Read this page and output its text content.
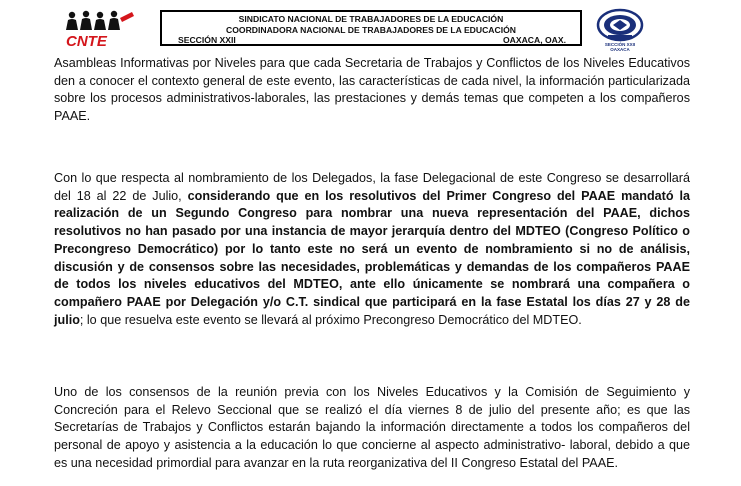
CNTE
SINDICATO NACIONAL DE TRABAJADORES DE LA EDUCACIÓN
COORDINADORA NACIONAL DE TRABAJADORES DE LA EDUCACIÓN
SECCIÓN XXII	OAXACA, OAX.	SECCIÓN XXII OAXACA

Asambleas Informativas por Niveles para que cada Secretaria de Trabajos y Conflictos de los Niveles Educativos den a conocer el contexto general de este evento, las características de cada nivel, la información particularizada sobre los procesos administrativos-laborales, las prestaciones y demás temas que competen a los compañeros PAAE.

Con lo que respecta al nombramiento de los Delegados, la fase Delegacional de este Congreso se desarrollará del 18 al 22 de Julio, considerando que en los resolutivos del Primer Congreso del PAAE mandató la realización de un Segundo Congreso para nombrar una nueva representación del PAAE, dichos resolutivos no han pasado por una instancia de mayor jerarquía dentro del MDTEO (Congreso Político o Precongreso Democrático) por lo tanto este no será un evento de nombramiento si no de análisis, discusión y de consensos sobre las necesidades, problemáticas y demandas de los compañeros PAAE de todos los niveles educativos del MDTEO, ante ello únicamente se nombrará una compañera o compañero PAAE por Delegación y/o C.T. sindical que participará en la fase Estatal los días 27 y 28 de julio; lo que resuelva este evento se llevará al próximo Precongreso Democrático del MDTEO.

Uno de los consensos de la reunión previa con los Niveles Educativos y la Comisión de Seguimiento y Concreción para el Relevo Seccional que se realizó el día viernes 8 de julio del presente año; es que las Secretarías de Trabajos y Conflictos estarán bajando la información directamente a todos los compañeros del personal de apoyo y asistencia a la educación lo que concierne al aspecto administrativo- laboral, debido a que es una necesidad primordial para avanzar en la ruta reorganizativa del II Congreso Estatal del PAAE.
